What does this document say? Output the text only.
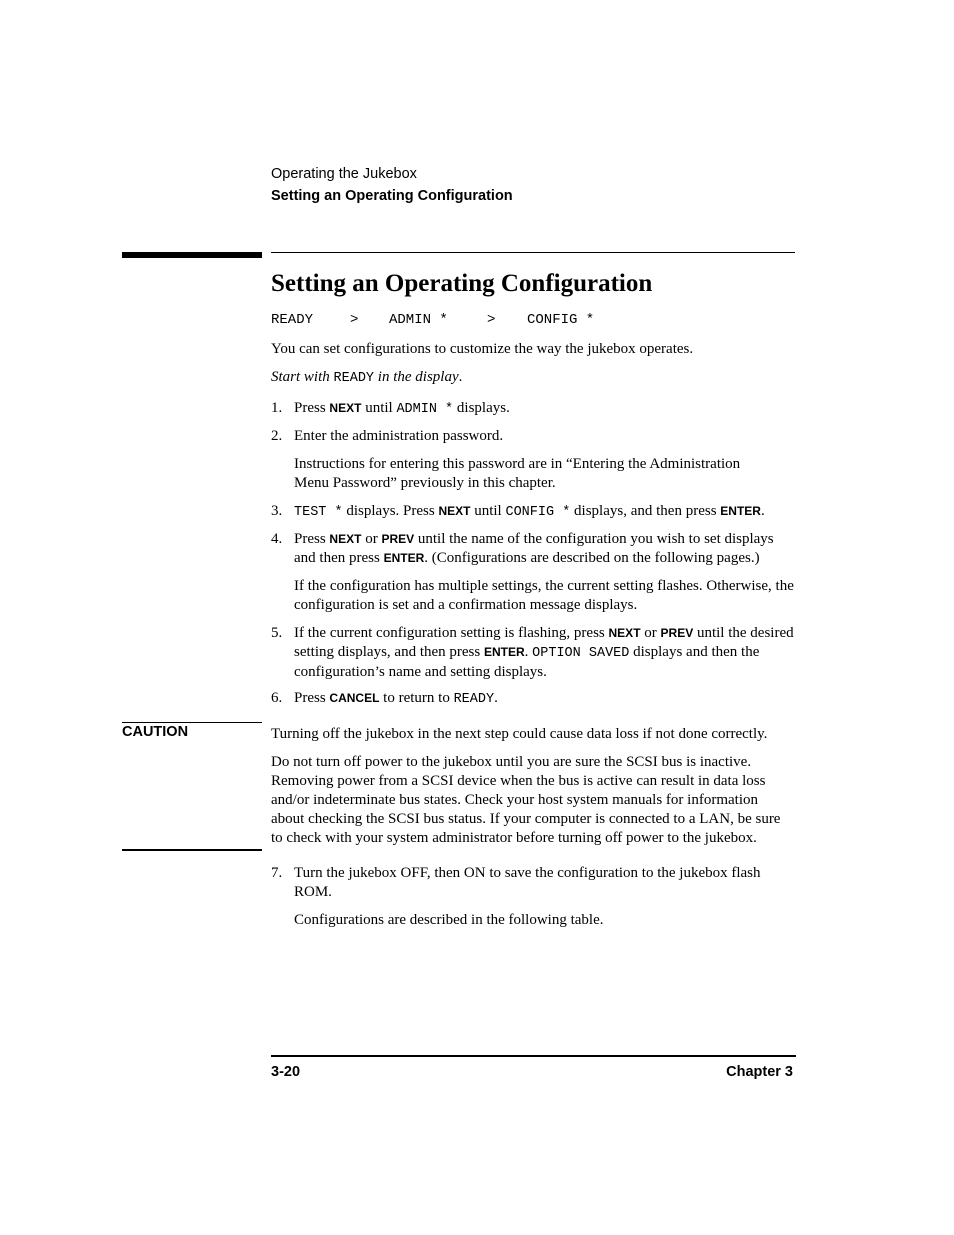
Operating the Jukebox
Setting an Operating Configuration
Setting an Operating Configuration
READY	> ADMIN *	> CONFIG *
You can set configurations to customize the way the jukebox operates.
Start with READY in the display.
1. Press NEXT until ADMIN * displays.
2. Enter the administration password.
Instructions for entering this password are in “Entering the Administration Menu Password” previously in this chapter.
3. TEST * displays. Press NEXT until CONFIG * displays, and then press ENTER.
4. Press NEXT or PREV until the name of the configuration you wish to set displays and then press ENTER. (Configurations are described on the following pages.)
If the configuration has multiple settings, the current setting flashes. Otherwise, the configuration is set and a confirmation message displays.
5. If the current configuration setting is flashing, press NEXT or PREV until the desired setting displays, and then press ENTER. OPTION SAVED displays and then the configuration’s name and setting displays.
6. Press CANCEL to return to READY.
CAUTION	Turning off the jukebox in the next step could cause data loss if not done correctly.
Do not turn off power to the jukebox until you are sure the SCSI bus is inactive. Removing power from a SCSI device when the bus is active can result in data loss and/or indeterminate bus states. Check your host system manuals for information about checking the SCSI bus status. If your computer is connected to a LAN, be sure to check with your system administrator before turning off power to the jukebox.
7. Turn the jukebox OFF, then ON to save the configuration to the jukebox flash ROM.
Configurations are described in the following table.
3-20	Chapter 3
